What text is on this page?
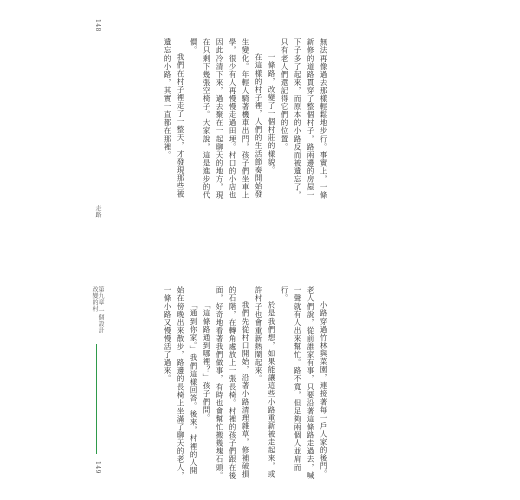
148
走路
第九章 一個設計改變的村
149

無法再像過去那樣輕鬆地步行。事實上，一條新修的道路貫穿了整個村子，路兩邊的房屋一下子多了起來，而原本的小路反而被遺忘了，只有老人們還記得它們的位置。

一條路，改變了一個村莊的樣貌。

在這樣的村子裡，人們的生活節奏開始發生變化。年輕人騎著機車出門，孩子們坐車上學，很少有人再慢慢走過田埂。村口的小店也因此冷清下來，過去聚在一起聊天的地方，現在只剩下幾張空椅子。大家說，這是進步的代價。

我們在村子裡走了一整天，才發現那些被遺忘的小路，其實一直都在那裡。

小路穿過竹林與菜園，連接著每一戶人家的後門。老人們說，從前誰家有事，只要沿著這條路走過去，喊一聲就有人出來幫忙。路不寬，但足夠兩個人並肩而行。

於是我們想，如果能讓這些小路重新被走起來，或許村子也會重新熱鬧起來。

我們先從村口開始，沿著小路清理雜草，修補破損的石階，在轉角處放上一張長椅。村裡的孩子們跟在後面，好奇地看著我們做事，有時也會幫忙搬幾塊石頭。

「這條路通到哪裡？」孩子們問。

「通到你家。」我們這樣回答。後來，村裡的人開始在傍晚出來散步，路邊的長椅上坐滿了聊天的老人，一條小路又慢慢活了過來。
